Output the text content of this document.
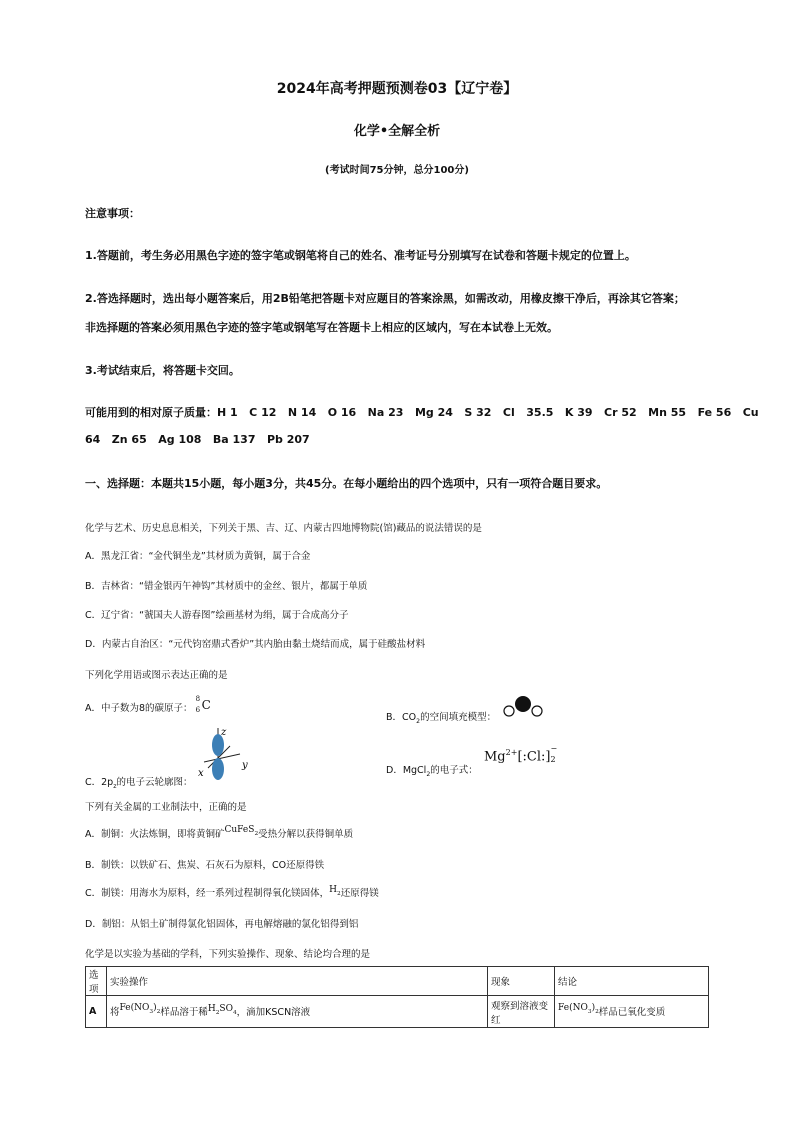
2024年高考押题预测卷03【辽宁卷】
化学•全解全析
(考试时间75分钟，总分100分)
注意事项：
1.答题前，考生务必用黑色字迹的签字笔或钢笔将自己的姓名、准考证号分别填写在试卷和答题卡规定的位置上。
2.答选择题时，选出每小题答案后，用2B铅笔把答题卡对应题目的答案涂黑，如需改动，用橡皮擦干净后，再涂其它答案；
非选择题的答案必须用黑色字迹的签字笔或钢笔写在答题卡上相应的区域内，写在本试卷上无效。
3.考试结束后，将答题卡交回。
可能用到的相对原子质量：H 1   C 12   N 14   O 16   Na 23   Mg 24   S 32   Cl   35.5   K 39   Cr 52   Mn 55   Fe 56   Cu
64   Zn 65   Ag 108   Ba 137   Pb 207
一、选择题：本题共15小题，每小题3分，共45分。在每小题给出的四个选项中，只有一项符合题目要求。
化学与艺术、历史息息相关，下列关于黑、吉、辽、内蒙古四地博物院(馆)藏品的说法错误的是
A．黑龙江省：“金代铜坐龙”其材质为黄铜，属于合金
B．吉林省：“错金银丙午神钩”其材质中的金丝、银片，都属于单质
C．辽宁省：“虢国夫人游春图”绘画基材为绢，属于合成高分子
D．内蒙古自治区：“元代钧窑鼎式香炉”其内胎由黏土烧结而成，属于硅酸盐材料
下列化学用语或图示表达正确的是
A．中子数为8的碳原子：
8
6 C
B．$CO_2$的空间填充模型：
z
x
y
C．$2p_z$的电子云轮廓图：
D．MgCl$_2$的电子式：
$Mg^{2+}[:Cl:]$
−
2
下列有关金属的工业制法中，正确的是
A．制铜：火法炼铜，即将黄铜矿CuFeS$_2$受热分解以获得铜单质
B．制铁：以铁矿石、焦炭、石灰石为原料，CO还原得铁
C．制镁：用海水为原料，经一系列过程制得氧化镁固体，$H_2$还原得镁
D．制铝：从铝土矿制得氯化铝固体，再电解熔融的氯化铝得到铝
化学是以实验为基础的学科，下列实验操作、现象、结论均合理的是
选项	实验操作	现象	结论
A	将$Fe(NO_3)_2$样品溶于稀$H_2SO_4$，滴加KSCN溶液	观察到溶液变红	$Fe(NO_3)_2$样品已氧化变质
